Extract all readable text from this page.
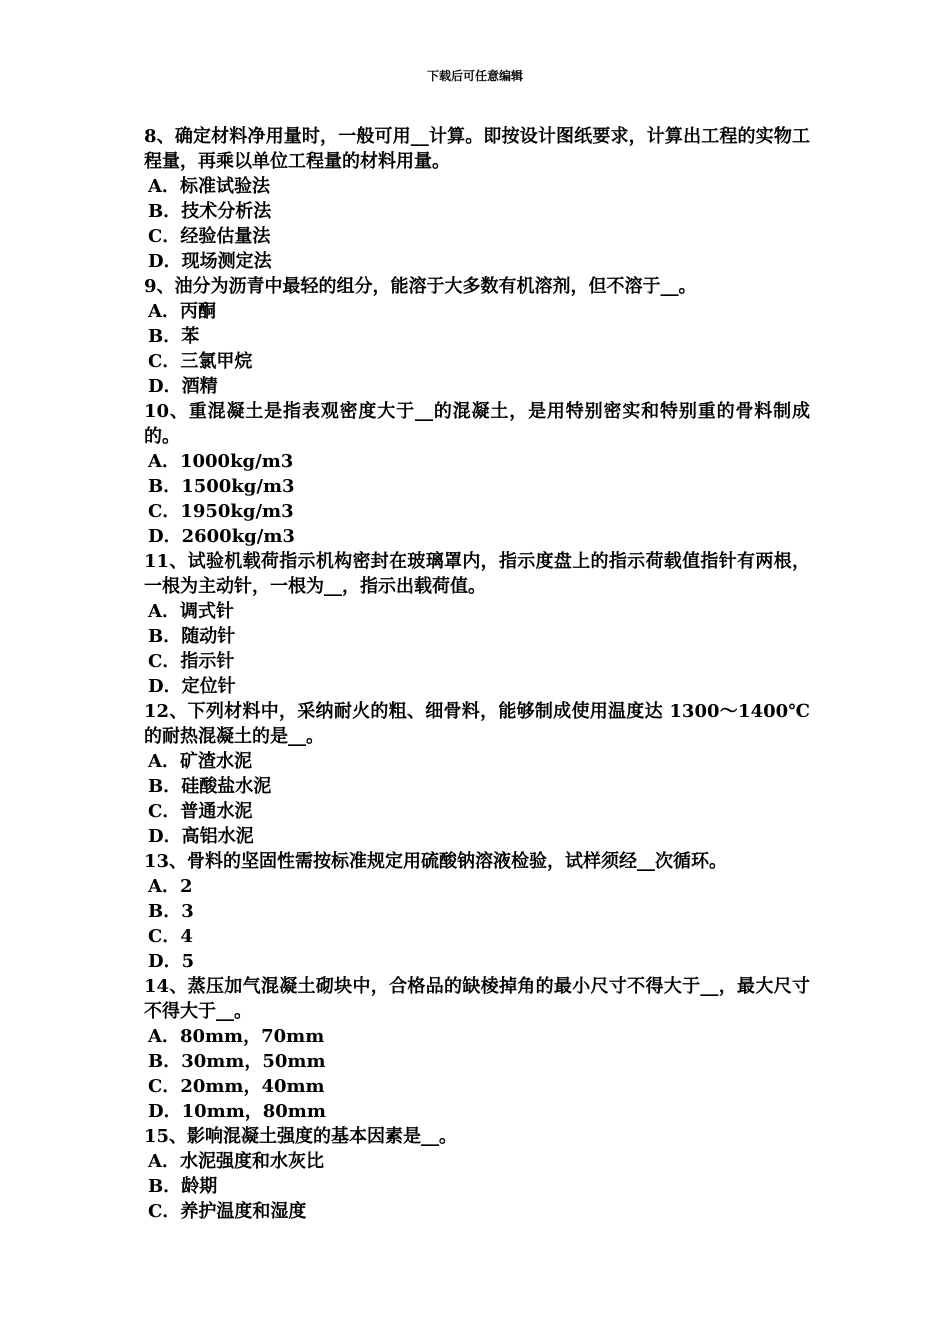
下载后可任意编辑

8、确定材料净用量时，一般可用__计算。即按设计图纸要求，计算出工程的实物工程量，再乘以单位工程量的材料用量。

A．标准试验法

B．技术分析法

C．经验估量法

D．现场测定法

9、油分为沥青中最轻的组分，能溶于大多数有机溶剂，但不溶于__。

A．丙酮

B．苯

C．三氯甲烷

D．酒精

10、重混凝土是指表观密度大于__的混凝土，是用特别密实和特别重的骨料制成的。

A．1000kg/m3

B．1500kg/m3

C．1950kg/m3

D．2600kg/m3

11、试验机载荷指示机构密封在玻璃罩内，指示度盘上的指示荷载值指针有两根，一根为主动针，一根为__，指示出载荷值。

A．调式针

B．随动针

C．指示针

D．定位针

12、下列材料中，采纳耐火的粗、细骨料，能够制成使用温度达 1300～1400℃的耐热混凝土的是__。

A．矿渣水泥

B．硅酸盐水泥

C．普通水泥

D．高铝水泥

13、骨料的坚固性需按标准规定用硫酸钠溶液检验，试样须经__次循环。

A．2

B．3

C．4

D．5

14、蒸压加气混凝土砌块中，合格品的缺棱掉角的最小尺寸不得大于__，最大尺寸不得大于__。

A．80mm，70mm

B．30mm，50mm

C．20mm，40mm

D．10mm，80mm

15、影响混凝土强度的基本因素是__。

A．水泥强度和水灰比

B．龄期

C．养护温度和湿度
